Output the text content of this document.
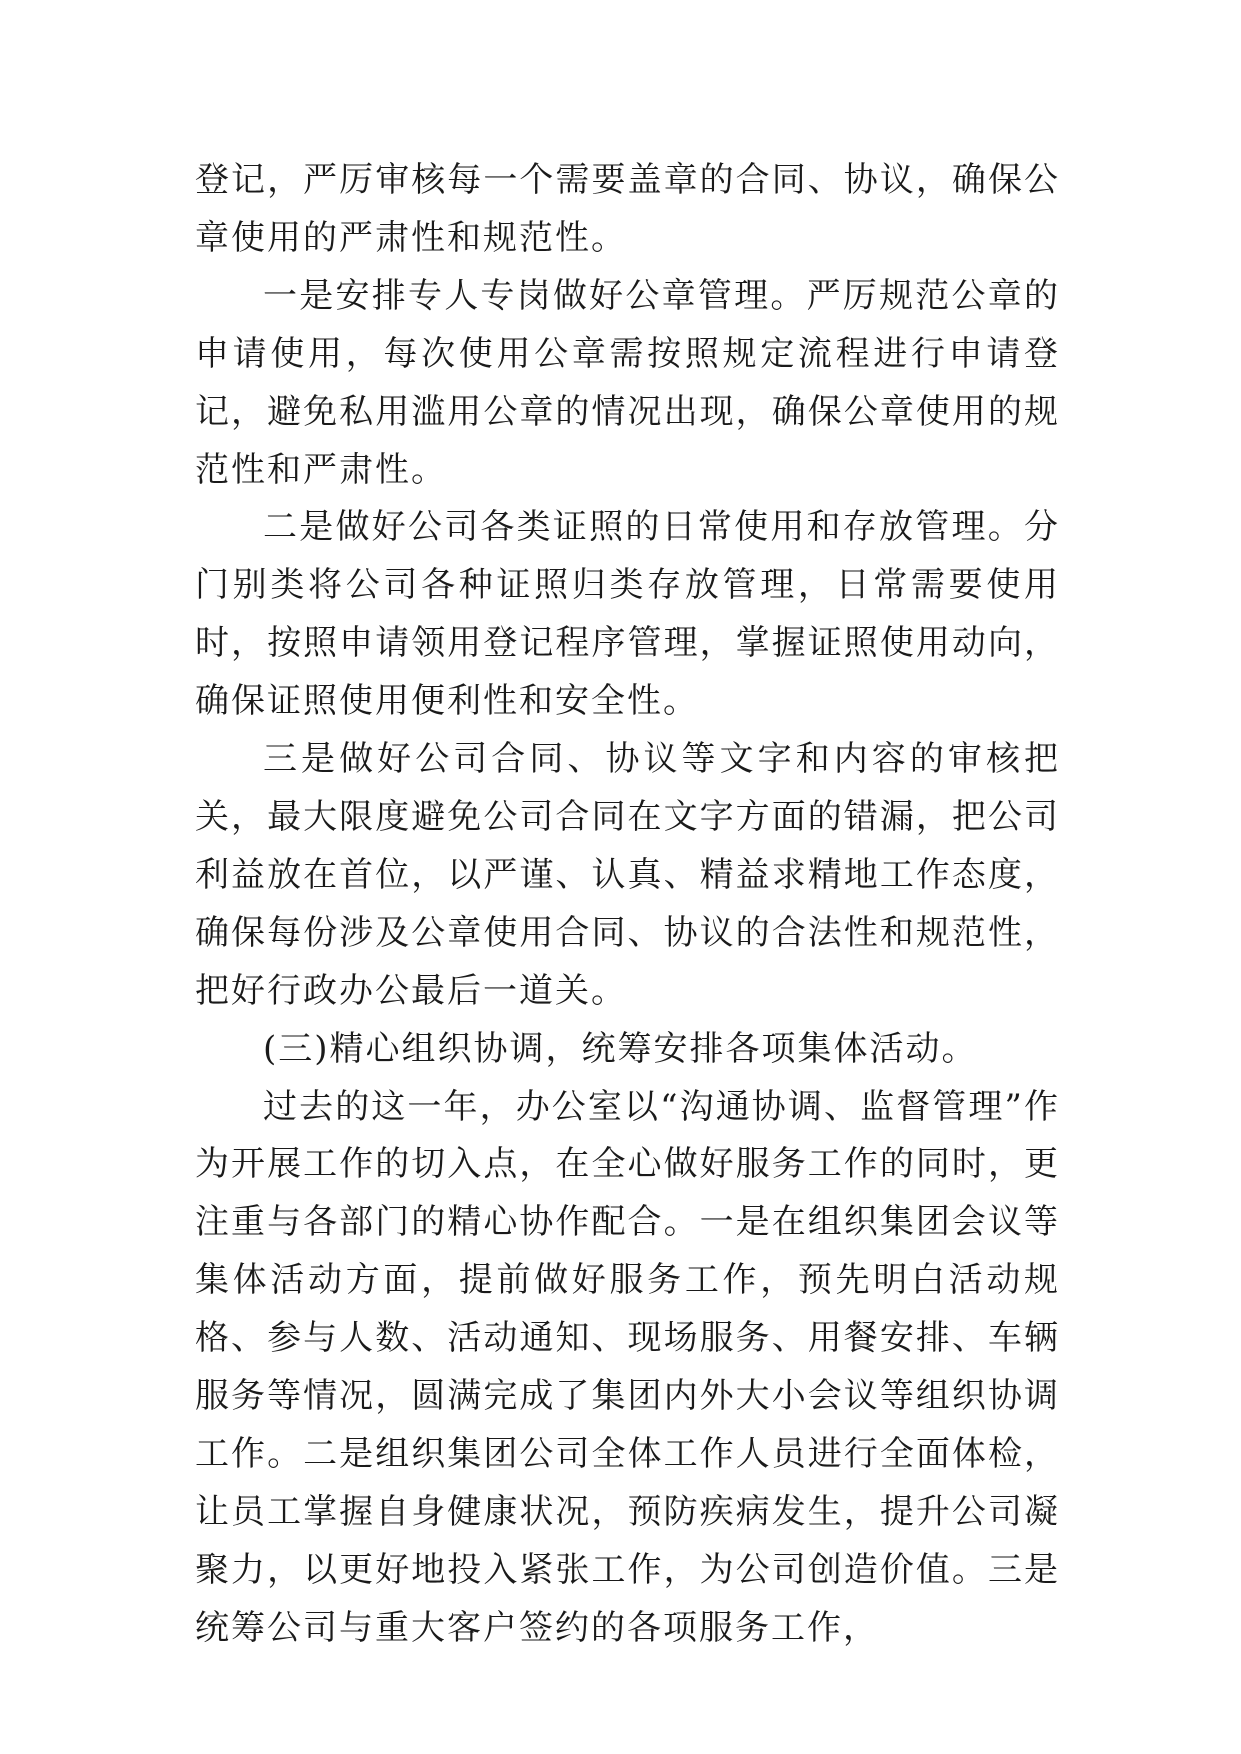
登记，严厉审核每一个需要盖章的合同、协议，确保公章使用的严肃性和规范性。

一是安排专人专岗做好公章管理。严厉规范公章的申请使用，每次使用公章需按照规定流程进行申请登记，避免私用滥用公章的情况出现，确保公章使用的规范性和严肃性。

二是做好公司各类证照的日常使用和存放管理。分门别类将公司各种证照归类存放管理，日常需要使用时，按照申请领用登记程序管理，掌握证照使用动向，确保证照使用便利性和安全性。

三是做好公司合同、协议等文字和内容的审核把关，最大限度避免公司合同在文字方面的错漏，把公司利益放在首位，以严谨、认真、精益求精地工作态度，确保每份涉及公章使用合同、协议的合法性和规范性，把好行政办公最后一道关。

(三)精心组织协调，统筹安排各项集体活动。

过去的这一年，办公室以“沟通协调、监督管理”作为开展工作的切入点，在全心做好服务工作的同时，更注重与各部门的精心协作配合。一是在组织集团会议等集体活动方面，提前做好服务工作，预先明白活动规格、参与人数、活动通知、现场服务、用餐安排、车辆服务等情况，圆满完成了集团内外大小会议等组织协调工作。二是组织集团公司全体工作人员进行全面体检，让员工掌握自身健康状况，预防疾病发生，提升公司凝聚力，以更好地投入紧张工作，为公司创造价值。三是统筹公司与重大客户签约的各项服务工作，
